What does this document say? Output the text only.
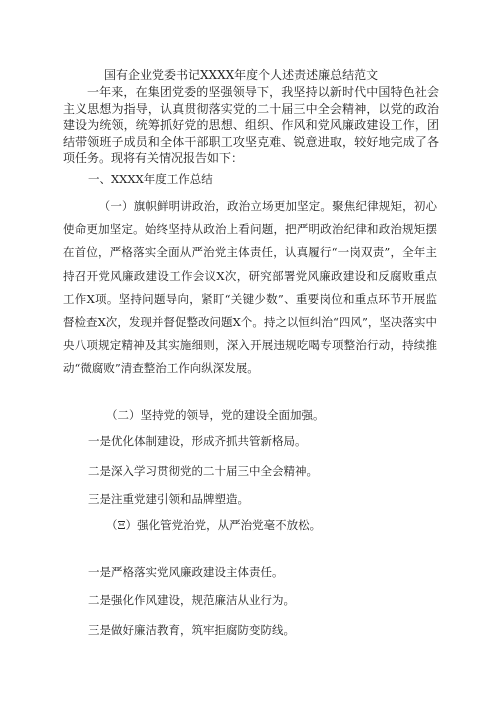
国有企业党委书记XXXX年度个人述责述廉总结范文

一年来，在集团党委的坚强领导下，我坚持以新时代中国特色社会主义思想为指导，认真贯彻落实党的二十届三中全会精神，以党的政治建设为统领，统筹抓好党的思想、组织、作风和党风廉政建设工作，团结带领班子成员和全体干部职工攻坚克难、锐意进取，较好地完成了各项任务。现将有关情况报告如下：

一、XXXX年度工作总结

（一）旗帜鲜明讲政治，政治立场更加坚定。聚焦纪律规矩，初心使命更加坚定。始终坚持从政治上看问题，把严明政治纪律和政治规矩摆在首位，严格落实全面从严治党主体责任，认真履行“一岗双责”，全年主持召开党风廉政建设工作会议X次，研究部署党风廉政建设和反腐败重点工作X项。坚持问题导向，紧盯“关键少数”、重要岗位和重点环节开展监督检查X次，发现并督促整改问题X个。持之以恒纠治“四风”，坚决落实中央八项规定精神及其实施细则，深入开展违规吃喝专项整治行动，持续推动“微腐败”清查整治工作向纵深发展。

（二）坚持党的领导，党的建设全面加强。
一是优化体制建设，形成齐抓共管新格局。
二是深入学习贯彻党的二十届三中全会精神。
三是注重党建引领和品牌塑造。
（Ξ）强化管党治党，从严治党毫不放松。
一是严格落实党风廉政建设主体责任。
二是强化作风建设，规范廉洁从业行为。
三是做好廉洁教育，筑牢拒腐防变防线。
